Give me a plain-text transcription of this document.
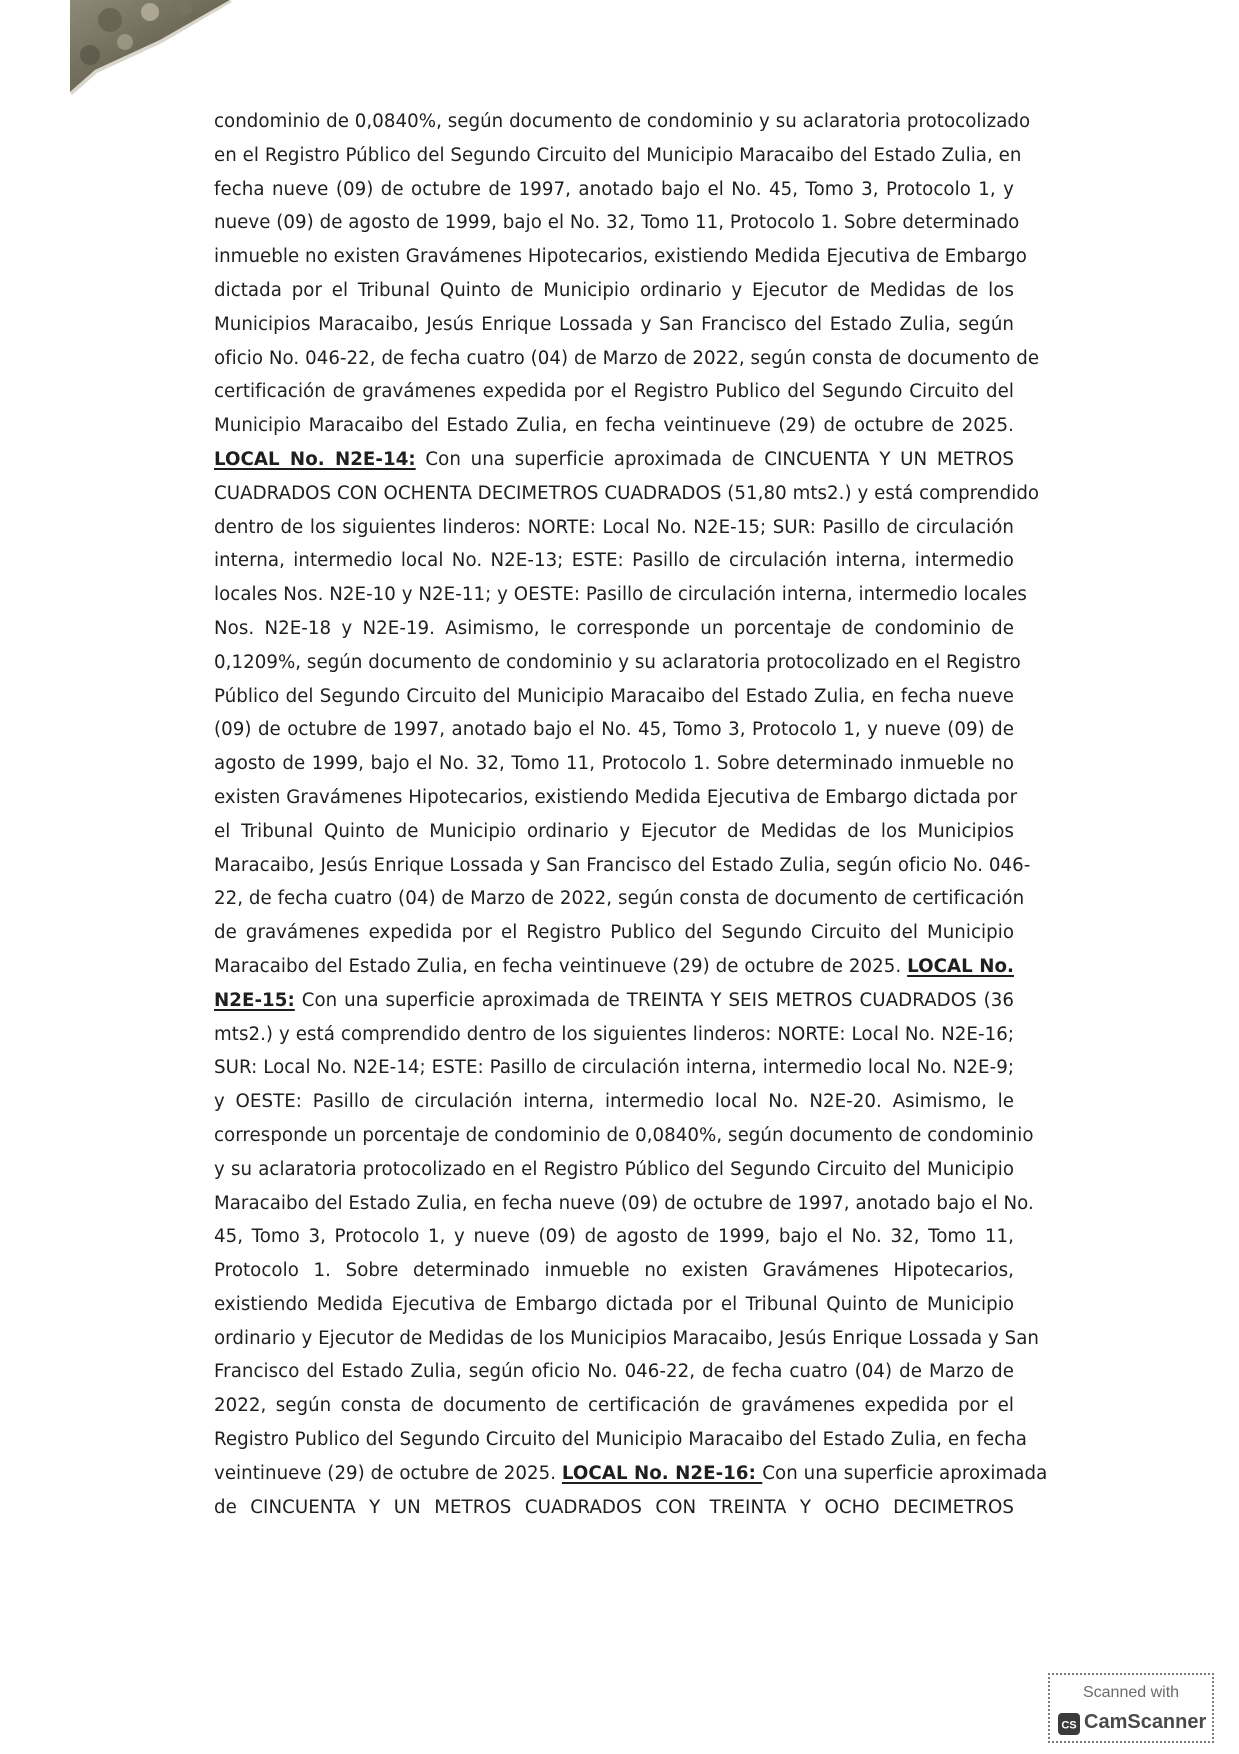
condominio de 0,0840%, según documento de condominio y su aclaratoria protocolizado
en el Registro Público del Segundo Circuito del Municipio Maracaibo del Estado Zulia, en
fecha nueve (09) de octubre de 1997, anotado bajo el No. 45, Tomo 3, Protocolo 1, y
nueve (09) de agosto de 1999, bajo el No. 32, Tomo 11, Protocolo 1. Sobre determinado
inmueble no existen Gravámenes Hipotecarios, existiendo Medida Ejecutiva de Embargo
dictada por el Tribunal Quinto de Municipio ordinario y Ejecutor de Medidas de los
Municipios Maracaibo, Jesús Enrique Lossada y San Francisco del Estado Zulia, según
oficio No. 046-22, de fecha cuatro (04) de Marzo de 2022, según consta de documento de
certificación de gravámenes expedida por el Registro Publico del Segundo Circuito del
Municipio Maracaibo del Estado Zulia, en fecha veintinueve (29) de octubre de 2025.
LOCAL No. N2E-14: Con una superficie aproximada de CINCUENTA Y UN METROS
CUADRADOS CON OCHENTA DECIMETROS CUADRADOS (51,80 mts2.) y está comprendido
dentro de los siguientes linderos: NORTE: Local No. N2E-15; SUR: Pasillo de circulación
interna, intermedio local No. N2E-13; ESTE: Pasillo de circulación interna, intermedio
locales Nos. N2E-10 y N2E-11; y OESTE: Pasillo de circulación interna, intermedio locales
Nos. N2E-18 y N2E-19. Asimismo, le corresponde un porcentaje de condominio de
0,1209%, según documento de condominio y su aclaratoria protocolizado en el Registro
Público del Segundo Circuito del Municipio Maracaibo del Estado Zulia, en fecha nueve
(09) de octubre de 1997, anotado bajo el No. 45, Tomo 3, Protocolo 1, y nueve (09) de
agosto de 1999, bajo el No. 32, Tomo 11, Protocolo 1. Sobre determinado inmueble no
existen Gravámenes Hipotecarios, existiendo Medida Ejecutiva de Embargo dictada por
el Tribunal Quinto de Municipio ordinario y Ejecutor de Medidas de los Municipios
Maracaibo, Jesús Enrique Lossada y San Francisco del Estado Zulia, según oficio No. 046-
22, de fecha cuatro (04) de Marzo de 2022, según consta de documento de certificación
de gravámenes expedida por el Registro Publico del Segundo Circuito del Municipio
Maracaibo del Estado Zulia, en fecha veintinueve (29) de octubre de 2025. LOCAL No.
N2E-15: Con una superficie aproximada de TREINTA Y SEIS METROS CUADRADOS (36
mts2.) y está comprendido dentro de los siguientes linderos: NORTE: Local No. N2E-16;
SUR: Local No. N2E-14; ESTE: Pasillo de circulación interna, intermedio local No. N2E-9;
y OESTE: Pasillo de circulación interna, intermedio local No. N2E-20. Asimismo, le
corresponde un porcentaje de condominio de 0,0840%, según documento de condominio
y su aclaratoria protocolizado en el Registro Público del Segundo Circuito del Municipio
Maracaibo del Estado Zulia, en fecha nueve (09) de octubre de 1997, anotado bajo el No.
45, Tomo 3, Protocolo 1, y nueve (09) de agosto de 1999, bajo el No. 32, Tomo 11,
Protocolo 1. Sobre determinado inmueble no existen Gravámenes Hipotecarios,
existiendo Medida Ejecutiva de Embargo dictada por el Tribunal Quinto de Municipio
ordinario y Ejecutor de Medidas de los Municipios Maracaibo, Jesús Enrique Lossada y San
Francisco del Estado Zulia, según oficio No. 046-22, de fecha cuatro (04) de Marzo de
2022, según consta de documento de certificación de gravámenes expedida por el
Registro Publico del Segundo Circuito del Municipio Maracaibo del Estado Zulia, en fecha
veintinueve (29) de octubre de 2025. LOCAL No. N2E-16: Con una superficie aproximada
de CINCUENTA Y UN METROS CUADRADOS CON TREINTA Y OCHO DECIMETROS
Scanned with
CS CamScanner
